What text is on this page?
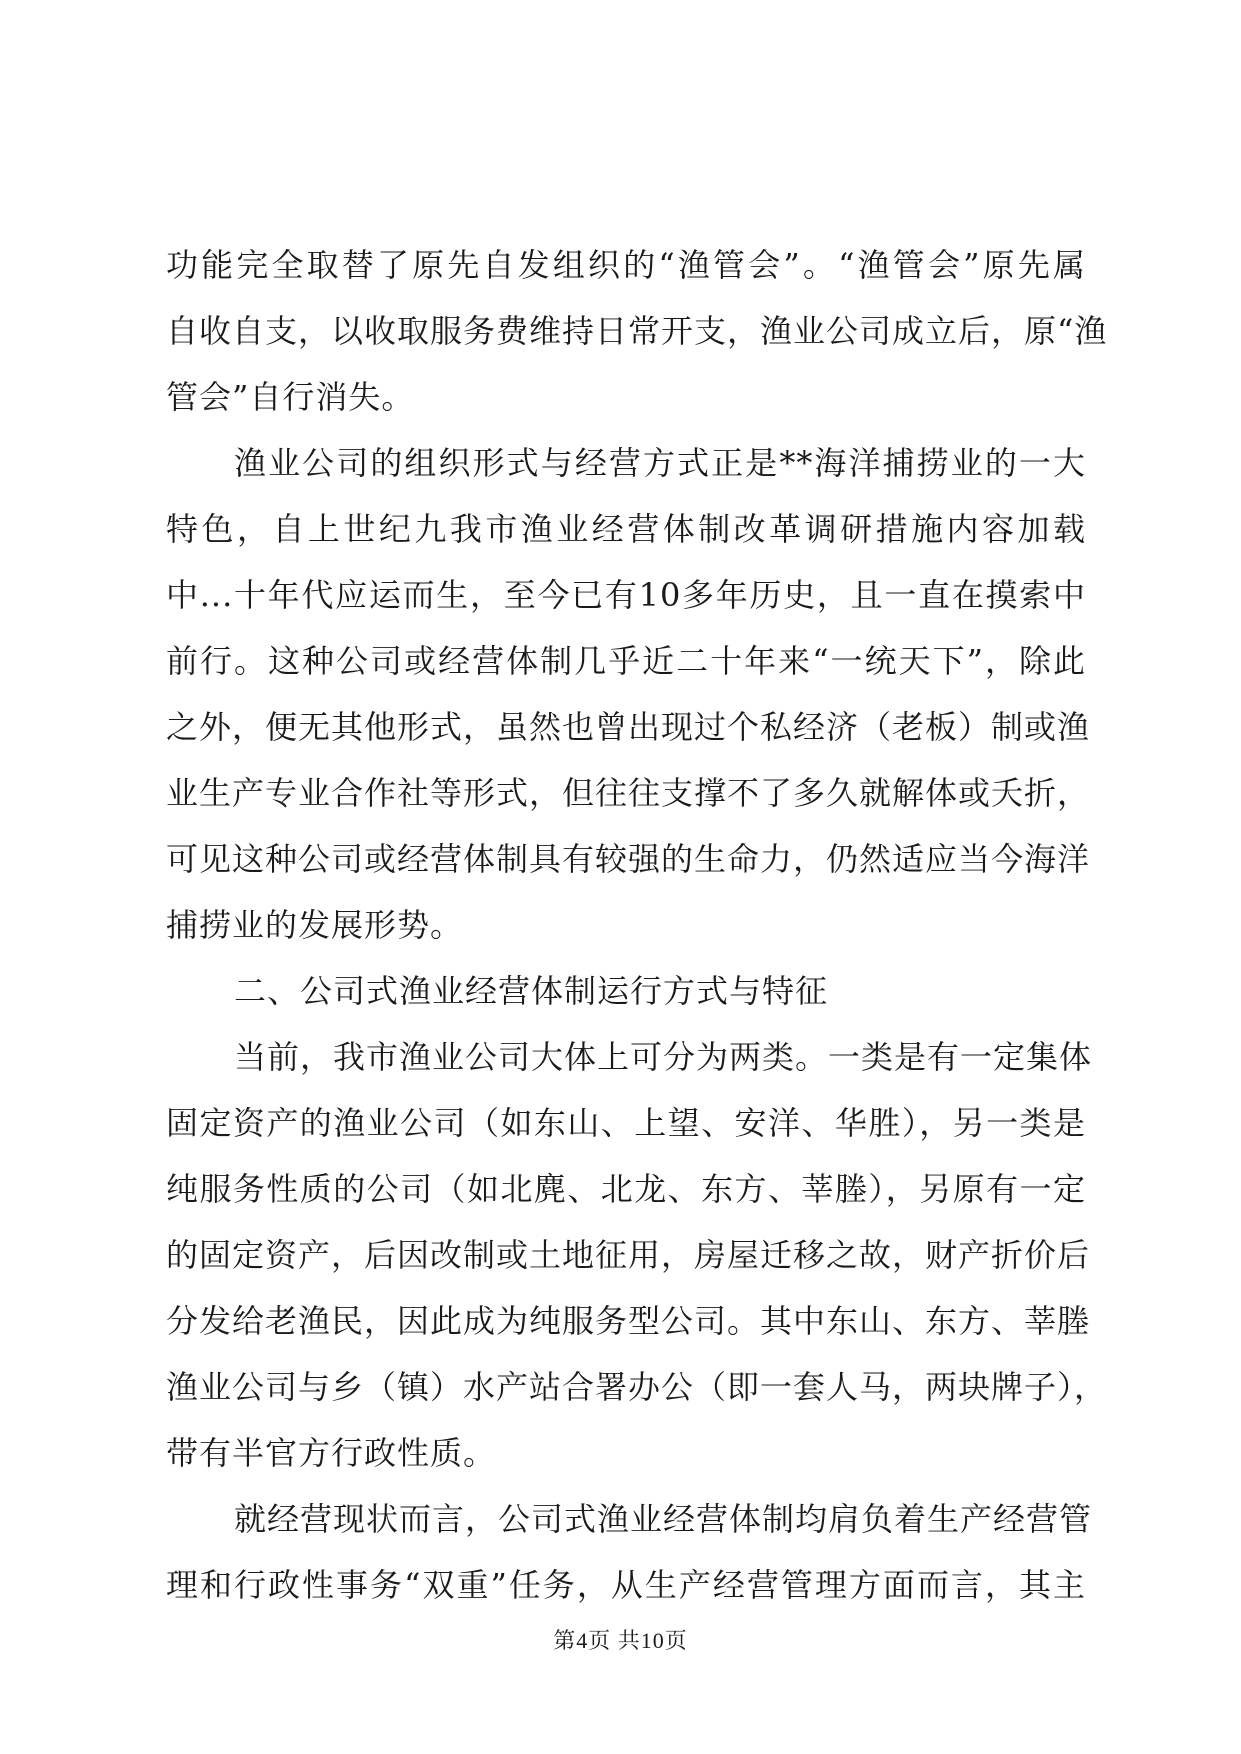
功能完全取替了原先自发组织的“渔管会”。“渔管会”原先属
自收自支，以收取服务费维持日常开支，渔业公司成立后，原“渔
管会”自行消失。
渔业公司的组织形式与经营方式正是**海洋捕捞业的一大
特色，自上世纪九我市渔业经营体制改革调研措施内容加载
中...十年代应运而生，至今已有10多年历史，且一直在摸索中
前行。这种公司或经营体制几乎近二十年来“一统天下”，除此
之外，便无其他形式，虽然也曾出现过个私经济（老板）制或渔
业生产专业合作社等形式，但往往支撑不了多久就解体或夭折，
可见这种公司或经营体制具有较强的生命力，仍然适应当今海洋
捕捞业的发展形势。
二、公司式渔业经营体制运行方式与特征
当前，我市渔业公司大体上可分为两类。一类是有一定集体
固定资产的渔业公司（如东山、上望、安洋、华胜），另一类是
纯服务性质的公司（如北麂、北龙、东方、莘塍），另原有一定
的固定资产，后因改制或土地征用，房屋迁移之故，财产折价后
分发给老渔民，因此成为纯服务型公司。其中东山、东方、莘塍
渔业公司与乡（镇）水产站合署办公（即一套人马，两块牌子），
带有半官方行政性质。
就经营现状而言，公司式渔业经营体制均肩负着生产经营管
理和行政性事务“双重”任务，从生产经营管理方面而言，其主
第4页 共10页
